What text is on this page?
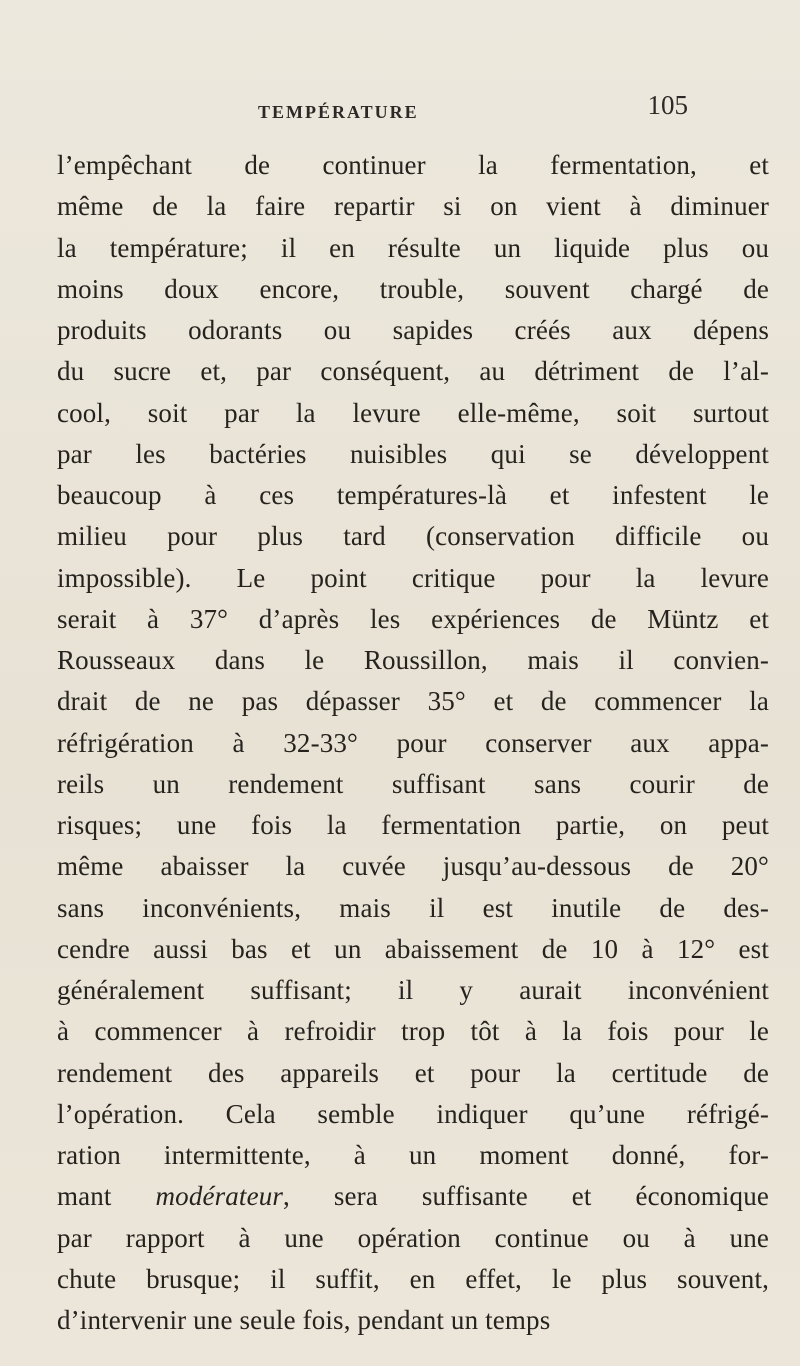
TEMPÉRATURE	105
l’empêchant de continuer la fermentation, et
même de la faire repartir si on vient à diminuer
la température; il en résulte un liquide plus ou
moins doux encore, trouble, souvent chargé de
produits odorants ou sapides créés aux dépens
du sucre et, par conséquent, au détriment de l’al-
cool, soit par la levure elle-même, soit surtout
par les bactéries nuisibles qui se développent
beaucoup à ces températures-là et infestent le
milieu pour plus tard (conservation difficile ou
impossible). Le point critique pour la levure
serait à 37° d’après les expériences de Müntz et
Rousseaux dans le Roussillon, mais il convien-
drait de ne pas dépasser 35° et de commencer la
réfrigération à 32-33° pour conserver aux appa-
reils un rendement suffisant sans courir de
risques; une fois la fermentation partie, on peut
même abaisser la cuvée jusqu’au-dessous de 20°
sans inconvénients, mais il est inutile de des-
cendre aussi bas et un abaissement de 10 à 12° est
généralement suffisant; il y aurait inconvénient
à commencer à refroidir trop tôt à la fois pour le
rendement des appareils et pour la certitude de
l’opération. Cela semble indiquer qu’une réfrigé-
ration intermittente, à un moment donné, for-
mant modérateur, sera suffisante et économique
par rapport à une opération continue ou à une
chute brusque; il suffit, en effet, le plus souvent,
d’intervenir une seule fois, pendant un temps
